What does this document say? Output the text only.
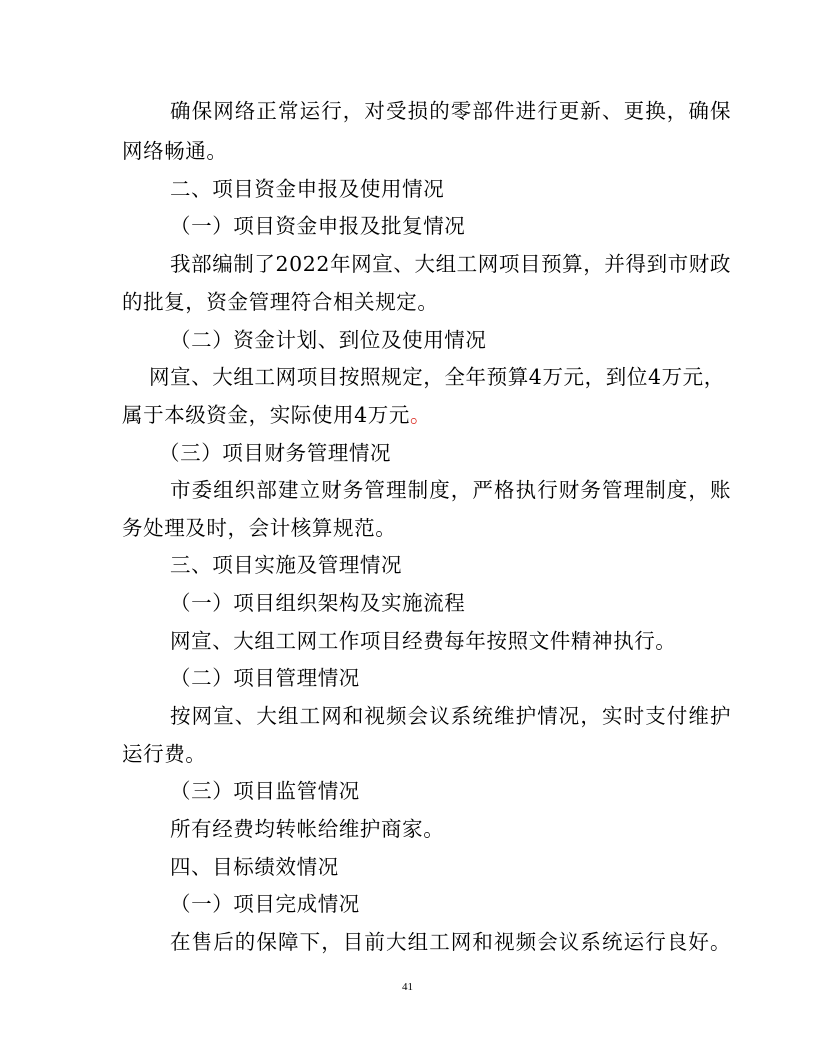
确保网络正常运行，对受损的零部件进行更新、更换，确保
网络畅通。
二、项目资金申报及使用情况
（一）项目资金申报及批复情况
我部编制了2022年网宣、大组工网项目预算，并得到市财政
的批复，资金管理符合相关规定。
（二）资金计划、到位及使用情况
网宣、大组工网项目按照规定，全年预算4万元，到位4万元，
属于本级资金，实际使用4万元。
（三）项目财务管理情况
市委组织部建立财务管理制度，严格执行财务管理制度，账
务处理及时，会计核算规范。
三、项目实施及管理情况
（一）项目组织架构及实施流程
网宣、大组工网工作项目经费每年按照文件精神执行。
（二）项目管理情况
按网宣、大组工网和视频会议系统维护情况，实时支付维护
运行费。
（三）项目监管情况
所有经费均转帐给维护商家。
四、目标绩效情况
（一）项目完成情况
在售后的保障下，目前大组工网和视频会议系统运行良好。
41
